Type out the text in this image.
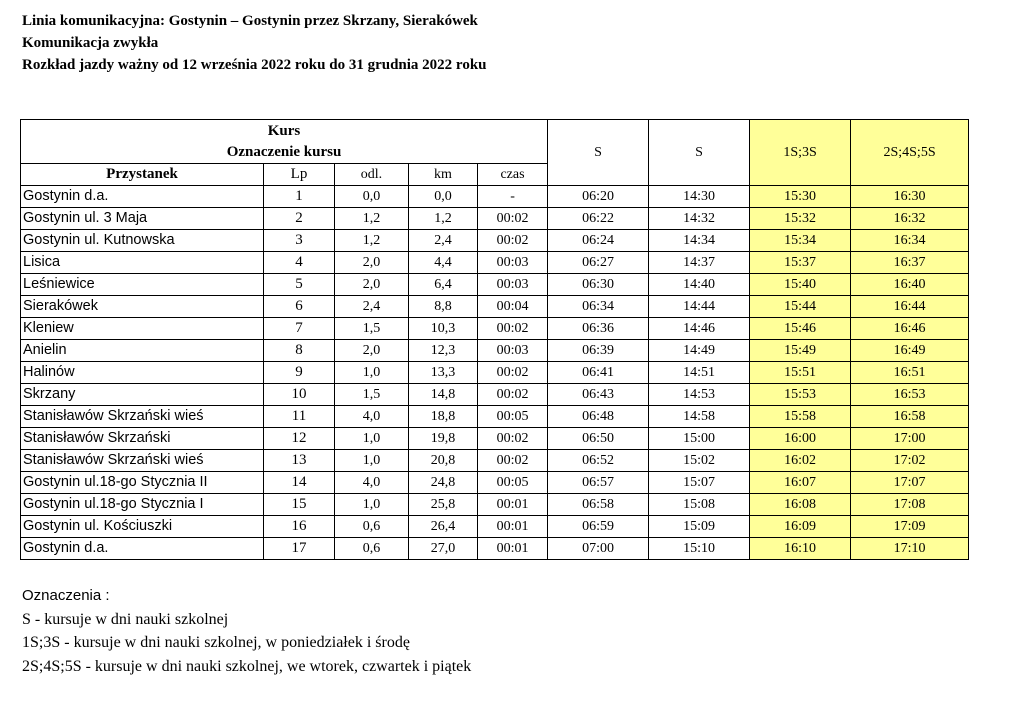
Linia komunikacyjna: Gostynin – Gostynin przez Skrzany, Sierakówek
Komunikacja zwykła
Rozkład jazdy ważny od 12 września 2022 roku do 31 grudnia 2022 roku
Kurs
Oznaczenie kursu					S	S	1S;3S	2S;4S;5S
Przystanek	Lp	odl.	km	czas				
Gostynin d.a.	1	0,0	0,0	-	06:20	14:30	15:30	16:30
Gostynin ul. 3 Maja	2	1,2	1,2	00:02	06:22	14:32	15:32	16:32
Gostynin ul. Kutnowska	3	1,2	2,4	00:02	06:24	14:34	15:34	16:34
Lisica	4	2,0	4,4	00:03	06:27	14:37	15:37	16:37
Leśniewice	5	2,0	6,4	00:03	06:30	14:40	15:40	16:40
Sierakówek	6	2,4	8,8	00:04	06:34	14:44	15:44	16:44
Kleniew	7	1,5	10,3	00:02	06:36	14:46	15:46	16:46
Anielin	8	2,0	12,3	00:03	06:39	14:49	15:49	16:49
Halinów	9	1,0	13,3	00:02	06:41	14:51	15:51	16:51
Skrzany	10	1,5	14,8	00:02	06:43	14:53	15:53	16:53
Stanisławów Skrzański wieś	11	4,0	18,8	00:05	06:48	14:58	15:58	16:58
Stanisławów Skrzański	12	1,0	19,8	00:02	06:50	15:00	16:00	17:00
Stanisławów Skrzański wieś	13	1,0	20,8	00:02	06:52	15:02	16:02	17:02
Gostynin ul.18-go Stycznia II	14	4,0	24,8	00:05	06:57	15:07	16:07	17:07
Gostynin ul.18-go Stycznia I	15	1,0	25,8	00:01	06:58	15:08	16:08	17:08
Gostynin ul. Kościuszki	16	0,6	26,4	00:01	06:59	15:09	16:09	17:09
Gostynin d.a.	17	0,6	27,0	00:01	07:00	15:10	16:10	17:10
Oznaczenia :
S - kursuje w dni nauki szkolnej
1S;3S - kursuje w dni nauki szkolnej, w poniedziałek i środę
2S;4S;5S - kursuje w dni nauki szkolnej, we wtorek, czwartek i piątek
